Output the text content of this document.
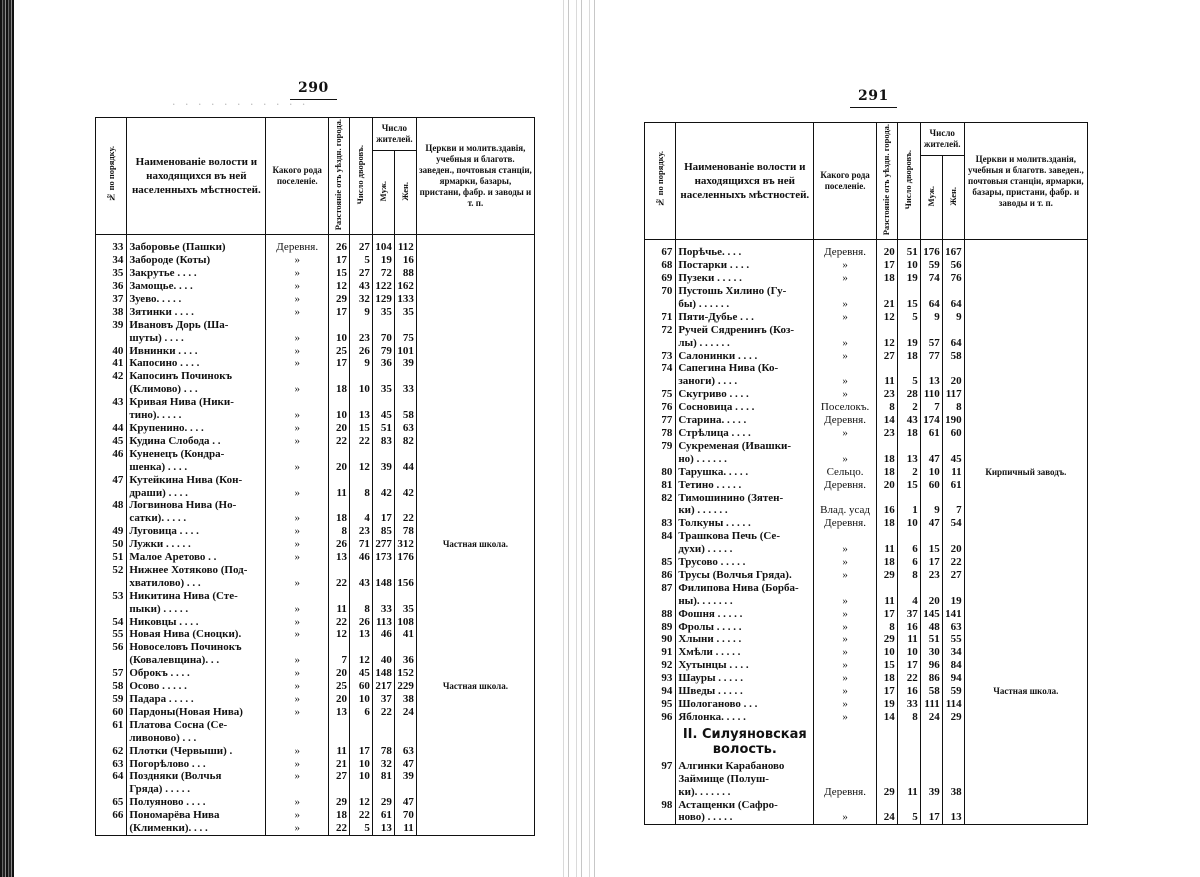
· · · · · · · · · · ·
290	291
№ по порядку.	Наименованіе волости и находящихся въ ней населенныхъ мѣстностей.	Какого рода поселеніе.	Разстояніе отъ уѣздн. города.	Число дворовъ.	Число жителей.		Церкви и молитв.здавія, учебныя и благотв. заведен., почтовыя станціи, ярмарки, базары, пристани, фабр. и заводы и т. п.
					Муж.	Жен.	

33	Заборовье (Пашки)	Деревня.	26	27	104	112	
34	Забороде (Коты)	»	17	5	19	16	
35	Закрутье . . . .	»	15	27	72	88	
36	Замощье. . . .	»	12	43	122	162	
37	Зуево. . . . .	»	29	32	129	133	
38	Зятинки . . . .	»	17	9	35	35	
39	Ивановъ Дорь (Ша-						
	шуты) . . . .	»	10	23	70	75	
40	Ивнинки . . . .	»	25	26	79	101	
41	Капосино . . . .	»	17	9	36	39	
42	Капосинъ Починокъ						
	(Климово) . . .	»	18	10	35	33	
43	Кривая Нива (Ники-						
	тино). . . . .	»	10	13	45	58	
44	Крупенино. . . .	»	20	15	51	63	
45	Кудина Слобода . .	»	22	22	83	82	
46	Куненецъ (Кондра-						
	шенка) . . . .	»	20	12	39	44	
47	Кутейкина Нива (Кон-						
	драши) . . . .	»	11	8	42	42	
48	Логвинова Нива (Но-						
	сатки). . . . .	»	18	4	17	22	
49	Луговица . . . .	»	8	23	85	78	
50	Лужки . . . . .	»	26	71	277	312	Частная школа.
51	Малое Аретово . .	»	13	46	173	176	
52	Нижнее Хотяково (Под-						
	хватилово) . . .	»	22	43	148	156	
53	Никитина Нива (Сте-						
	пыки) . . . . .	»	11	8	33	35	
54	Никовцы . . . .	»	22	26	113	108	
55	Новая Нива (Сноцки).	»	12	13	46	41	
56	Новоселовъ Починокъ						
	(Ковалевщина). . .	»	7	12	40	36	
57	Оброкъ . . . .	»	20	45	148	152	
58	Осово . . . . .	»	25	60	217	229	Частная школа.
59	Падара . . . . .	»	20	10	37	38	
60	Пардоны(Новая Нива)	»	13	6	22	24	
61	Платова Сосна (Се-						
	ливоново) . . .						
62	Плотки (Червыши) .	»	11	17	78	63	
63	Погорѣлово . . .	»	21	10	32	47	
64	Поздняки (Волчья	»	27	10	81	39	
	Гряда) . . . . .						
65	Полуяново . . . .	»	29	12	29	47	
66	Пономарёва Нива	»	18	22	61	70	
	(Клименки). . . .	»	22	5	13	11	
№ по порядку.	Наименованіе волости и находящихся въ ней населенныхъ мѣстностей.	Какого рода поселеніе.	Разстояніе отъ уѣздн. города.	Число дворовъ.	Число жителей.		Церкви и молитв.зданія, учебныя и благотв. заведен., почтовыя станціи, ярмарки, базары, пристани, фабр. и заводы и т. п.
					Муж.	Жен.	

67	Порѣчье. . . .	Деревня.	20	51	176	167	
68	Постарки . . . .	»	17	10	59	56	
69	Пузеки . . . . .	»	18	19	74	76	
70	Пустошь Хилино (Гу-						
	бы) . . . . . .	»	21	15	64	64	
71	Пяти-Дубье . . .	»	12	5	9	9	
72	Ручей Сядренинъ (Коз-						
	лы) . . . . . .	»	12	19	57	64	
73	Салонинки . . . .	»	27	18	77	58	
74	Сапегина Нива (Ко-						
	заноги) . . . .	»	11	5	13	20	
75	Скугриво . . . .	»	23	28	110	117	
76	Сосновица . . . .	Поселокъ.	8	2	7	8	
77	Старина. . . . .	Деревня.	14	43	174	190	
78	Стрѣлица . . . .	»	23	18	61	60	
79	Сукременая (Ивашки-						
	но) . . . . . .	»	18	13	47	45	
80	Тарушка. . . . .	Сельцо.	18	2	10	11	Кирпичный заводъ.
81	Тетино . . . . .	Деревня.	20	15	60	61	
82	Тимошинино (Зятен-						
	ки) . . . . . .	Влад. усад	16	1	9	7	
83	Толкуны . . . . .	Деревня.	18	10	47	54	
84	Трашкова Печь (Се-						
	духи) . . . . .	»	11	6	15	20	
85	Трусово . . . . .	»	18	6	17	22	
86	Трусы (Волчья Гряда).	»	29	8	23	27	
87	Филипова Нива (Борба-						
	ны). . . . . . .	»	11	4	20	19	
88	Фошня . . . . .	»	17	37	145	141	
89	Фролы . . . . .	»	8	16	48	63	
90	Хлыни . . . . .	»	29	11	51	55	
91	Хмѣли . . . . .	»	10	10	30	34	
92	Хутынцы . . . .	»	15	17	96	84	
93	Шауры . . . . .	»	18	22	86	94	
94	Шведы . . . . .	»	17	16	58	59	Частная школа.
95	Шологаново . . .	»	19	33	111	114	
96	Яблонка. . . . .	»	14	8	24	29	
	II. Силуяновская волость.						
97	Алгинки Карабаново						
	Займище (Полуш-						
	ки). . . . . . .	Деревня.	29	11	39	38	
98	Астащенки (Сафро-						
	ново) . . . . .	»	24	5	17	13	
